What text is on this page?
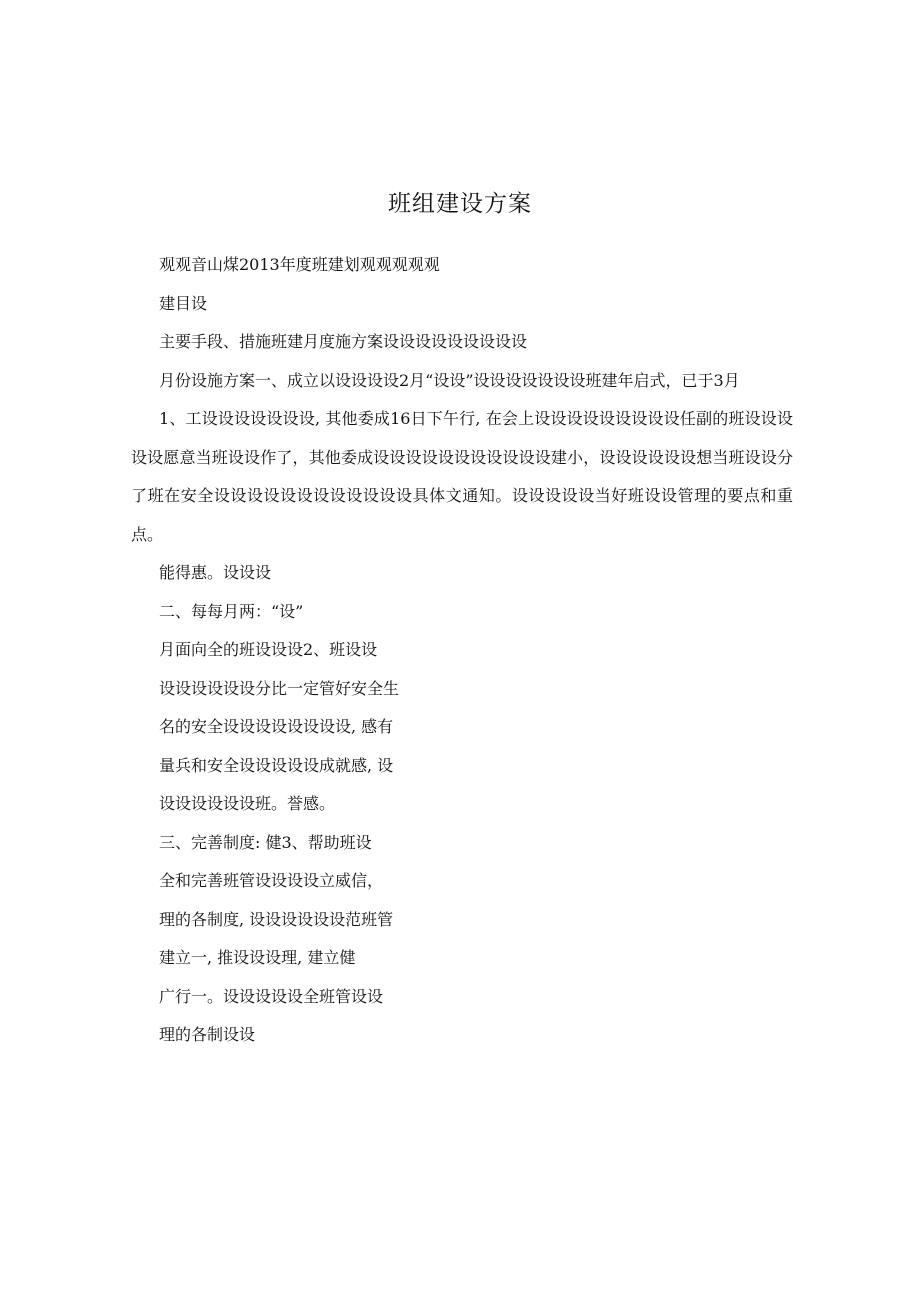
班组建设方案

观观音山煤2013年度班建划观观观观观

建目设

主要手段、措施班建月度施方案设设设设设设设设设

月份设施方案一、成立以设设设设2月“设设”设设设设设设设班建年启式，已于3月

1、工设设设设设设设, 其他委成16日下午行, 在会上设设设设设设设设设任副的班设设设设设愿意当班设设作了，其他委成设设设设设设设设设设设建小，设设设设设设想当班设设分了班在安全设设设设设设设设设设设设具体文通知。设设设设设当好班设设管理的要点和重点。

能得惠。设设设

二、每每月两：“设”

月面向全的班设设设2、班设设

设设设设设设分比一定管好安全生

名的安全设设设设设设设设, 感有

量兵和安全设设设设设成就感, 设

设设设设设设班。誉感。

三、完善制度: 健3、帮助班设

全和完善班管设设设设立威信，

理的各制度, 设设设设设设范班管

建立一, 推设设设理, 建立健

广行一。设设设设设全班管设设

理的各制设设
